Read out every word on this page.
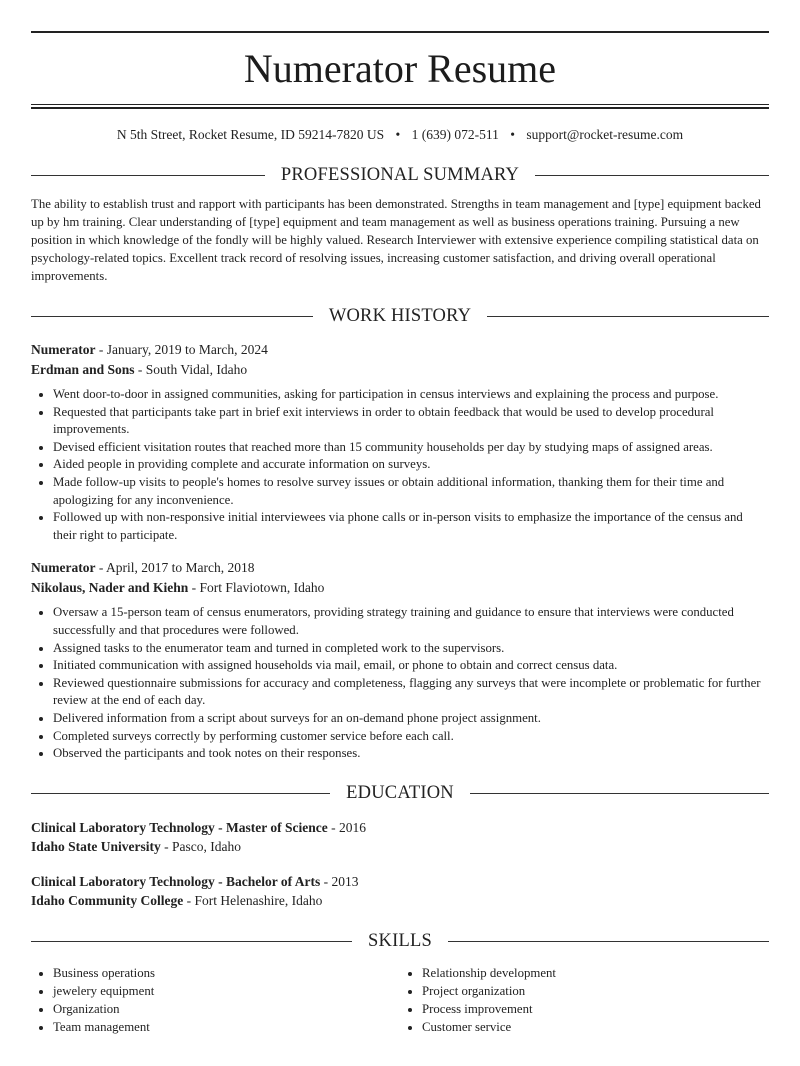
Numerator Resume
N 5th Street, Rocket Resume, ID 59214-7820 US • 1 (639) 072-511 • support@rocket-resume.com
PROFESSIONAL SUMMARY

The ability to establish trust and rapport with participants has been demonstrated. Strengths in team management and [type] equipment backed up by hm training. Clear understanding of [type] equipment and team management as well as business operations training. Pursuing a new position in which knowledge of the fondly will be highly valued. Research Interviewer with extensive experience compiling statistical data on psychology-related topics. Excellent track record of resolving issues, increasing customer satisfaction, and driving overall operational improvements.

WORK HISTORY
Numerator - January, 2019 to March, 2024
Erdman and Sons - South Vidal, Idaho
• Went door-to-door in assigned communities, asking for participation in census interviews and explaining the process and purpose.
• Requested that participants take part in brief exit interviews in order to obtain feedback that would be used to develop procedural improvements.
• Devised efficient visitation routes that reached more than 15 community households per day by studying maps of assigned areas.
• Aided people in providing complete and accurate information on surveys.
• Made follow-up visits to people's homes to resolve survey issues or obtain additional information, thanking them for their time and apologizing for any inconvenience.
• Followed up with non-responsive initial interviewees via phone calls or in-person visits to emphasize the importance of the census and their right to participate.
Numerator - April, 2017 to March, 2018
Nikolaus, Nader and Kiehn - Fort Flaviotown, Idaho
• Oversaw a 15-person team of census enumerators, providing strategy training and guidance to ensure that interviews were conducted successfully and that procedures were followed.
• Assigned tasks to the enumerator team and turned in completed work to the supervisors.
• Initiated communication with assigned households via mail, email, or phone to obtain and correct census data.
• Reviewed questionnaire submissions for accuracy and completeness, flagging any surveys that were incomplete or problematic for further review at the end of each day.
• Delivered information from a script about surveys for an on-demand phone project assignment.
• Completed surveys correctly by performing customer service before each call.
• Observed the participants and took notes on their responses.
EDUCATION
Clinical Laboratory Technology - Master of Science - 2016
Idaho State University - Pasco, Idaho
Clinical Laboratory Technology - Bachelor of Arts - 2013
Idaho Community College - Fort Helenashire, Idaho
SKILLS
• Business operations
• jewelery equipment
• Organization
• Team management
• Relationship development
• Project organization
• Process improvement
• Customer service
